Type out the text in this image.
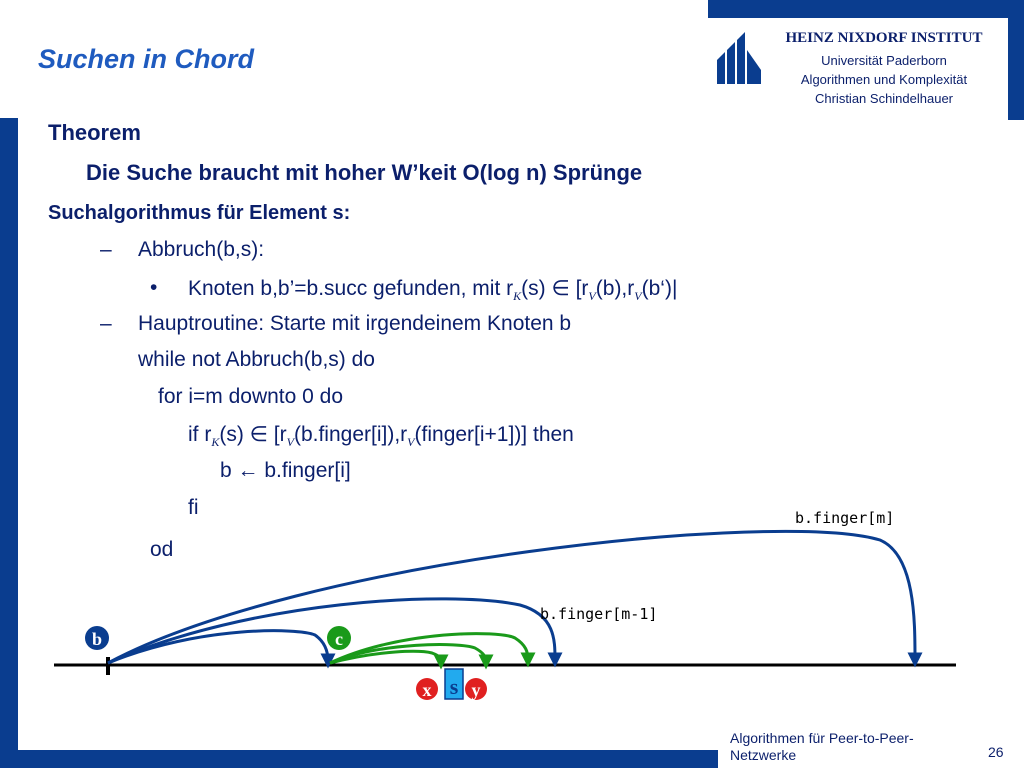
Suchen in Chord
HEINZ NIXDORF INSTITUT
Universität Paderborn
Algorithmen und Komplexität
Christian Schindelhauer
Theorem
Die Suche braucht mit hoher W’keit O(log n) Sprünge
Suchalgorithmus für Element s:
– Abbruch(b,s):
• Knoten b,b’=b.succ gefunden, mit $r_K(s)$ ∈ [$r_V(b),r_V(b‘)|$
– Hauptroutine: Starte mit irgendeinem Knoten b
while not Abbruch(b,s) do
for i=m downto 0 do
if $r_K(s)$ ∈ $[r_V(b.finger[i]),r_V(finger[i+1])]$ then
b ← b.finger[i]
fi
od
b.finger[m]
b.finger[m-1]
b	c
x s y
Algorithmen für Peer-to-Peer-Netzwerke	26
